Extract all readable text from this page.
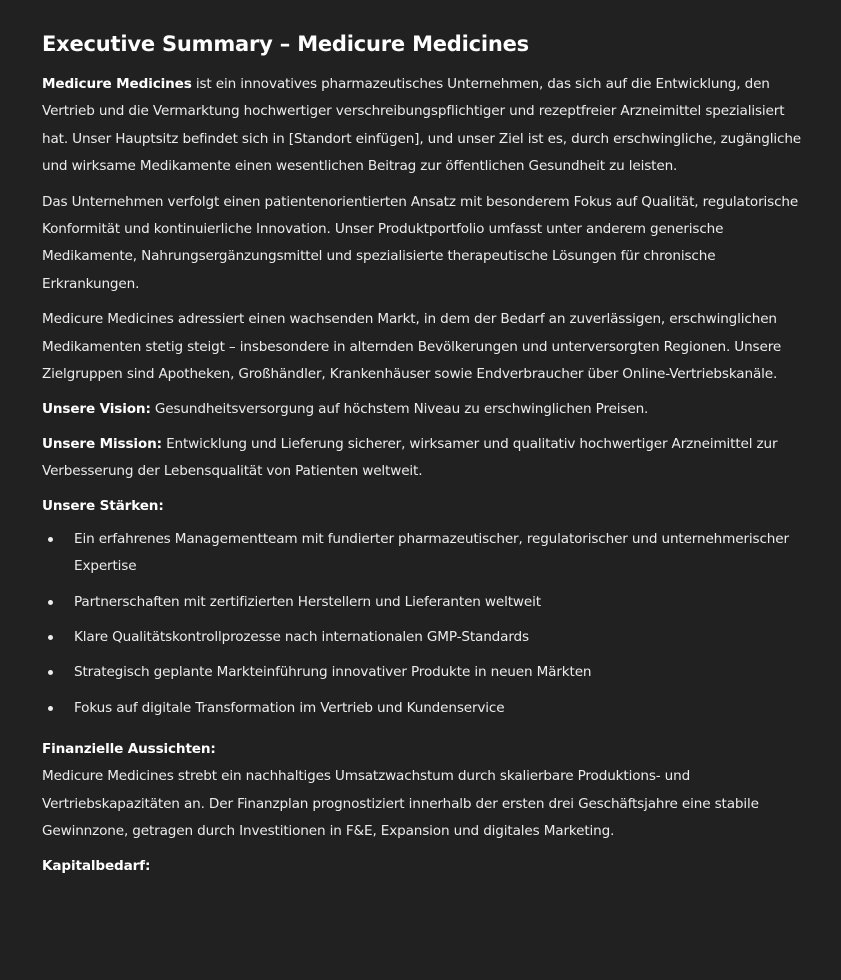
Executive Summary – Medicure Medicines

Medicure Medicines ist ein innovatives pharmazeutisches Unternehmen, das sich auf die Entwicklung, den Vertrieb und die Vermarktung hochwertiger verschreibungspflichtiger und rezeptfreier Arzneimittel spezialisiert hat. Unser Hauptsitz befindet sich in [Standort einfügen], und unser Ziel ist es, durch erschwingliche, zugängliche und wirksame Medikamente einen wesentlichen Beitrag zur öffentlichen Gesundheit zu leisten.

Das Unternehmen verfolgt einen patientenorientierten Ansatz mit besonderem Fokus auf Qualität, regulatorische Konformität und kontinuierliche Innovation. Unser Produktportfolio umfasst unter anderem generische Medikamente, Nahrungsergänzungsmittel und spezialisierte therapeutische Lösungen für chronische Erkrankungen.

Medicure Medicines adressiert einen wachsenden Markt, in dem der Bedarf an zuverlässigen, erschwinglichen Medikamenten stetig steigt – insbesondere in alternden Bevölkerungen und unterversorgten Regionen. Unsere Zielgruppen sind Apotheken, Großhändler, Krankenhäuser sowie Endverbraucher über Online-Vertriebskanäle.

Unsere Vision: Gesundheitsversorgung auf höchstem Niveau zu erschwinglichen Preisen.

Unsere Mission: Entwicklung und Lieferung sicherer, wirksamer und qualitativ hochwertiger Arzneimittel zur Verbesserung der Lebensqualität von Patienten weltweit.

Unsere Stärken:
Ein erfahrenes Managementteam mit fundierter pharmazeutischer, regulatorischer und unternehmerischer Expertise
Partnerschaften mit zertifizierten Herstellern und Lieferanten weltweit
Klare Qualitätskontrollprozesse nach internationalen GMP-Standards
Strategisch geplante Markteinführung innovativer Produkte in neuen Märkten
Fokus auf digitale Transformation im Vertrieb und Kundenservice
Finanzielle Aussichten:

Medicure Medicines strebt ein nachhaltiges Umsatzwachstum durch skalierbare Produktions- und Vertriebskapazitäten an. Der Finanzplan prognostiziert innerhalb der ersten drei Geschäftsjahre eine stabile Gewinnzone, getragen durch Investitionen in F&E, Expansion und digitales Marketing.

Kapitalbedarf:
